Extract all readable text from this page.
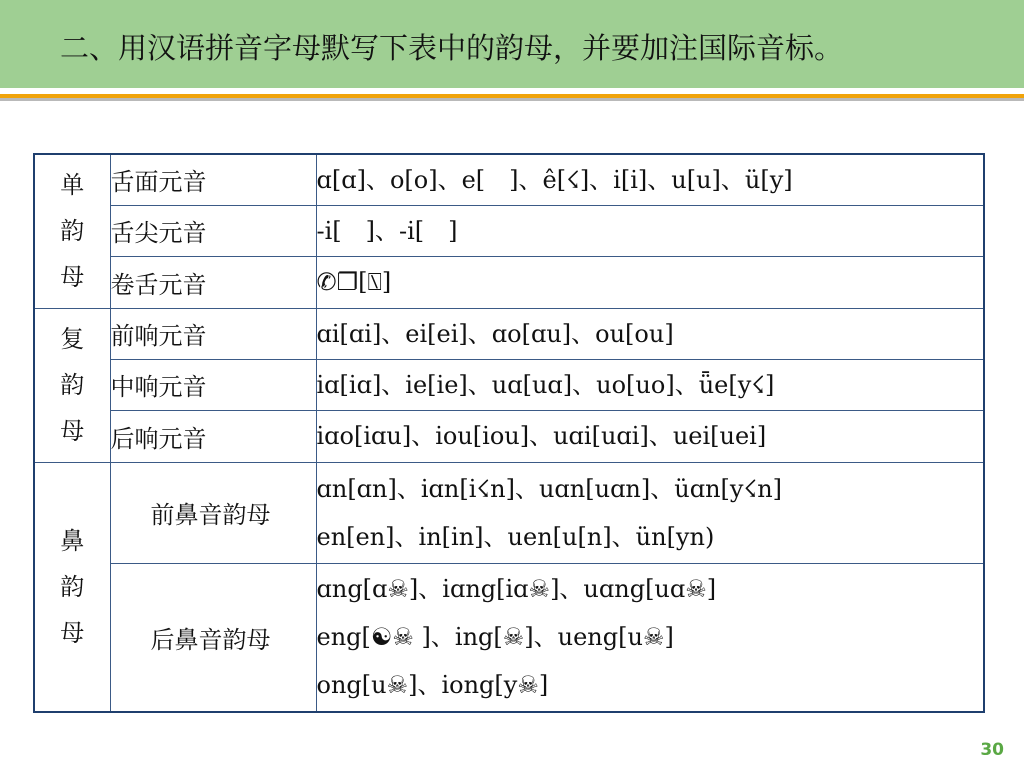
二、用汉语拼音字母默写下表中的韵母，并要加注国际音标。
单
韵
母	舌面元音	ɑ[ɑ]、o[o]、e[　]、ê[☇]、i[i]、u[u]、ü[y]

	舌尖元音	-i[　]、-i[　]

	卷舌元音	✆❐[⍂]

复
韵
母	前响元音	ɑi[ɑi]、ei[ei]、ɑo[ɑu]、ou[ou]

	中响元音	iɑ[iɑ]、ie[ie]、uɑ[uɑ]、uo[uo]、ǖe[y☇]

	后响元音	iɑo[iɑu]、iou[iou]、uɑi[uɑi]、uei[uei]

鼻
韵
母	前鼻音韵母	ɑn[ɑn]、iɑn[i☇n]、uɑn[uɑn]、üɑn[y☇n]
en[en]、in[in]、uen[u[n]、ün[yn)

	后鼻音韵母	ɑng[ɑ☠]、iɑng[iɑ☠]、uɑng[uɑ☠]
eng[☯☠ ]、ing[☠]、ueng[u☠]
ong[u☠]、iong[y☠]
30
